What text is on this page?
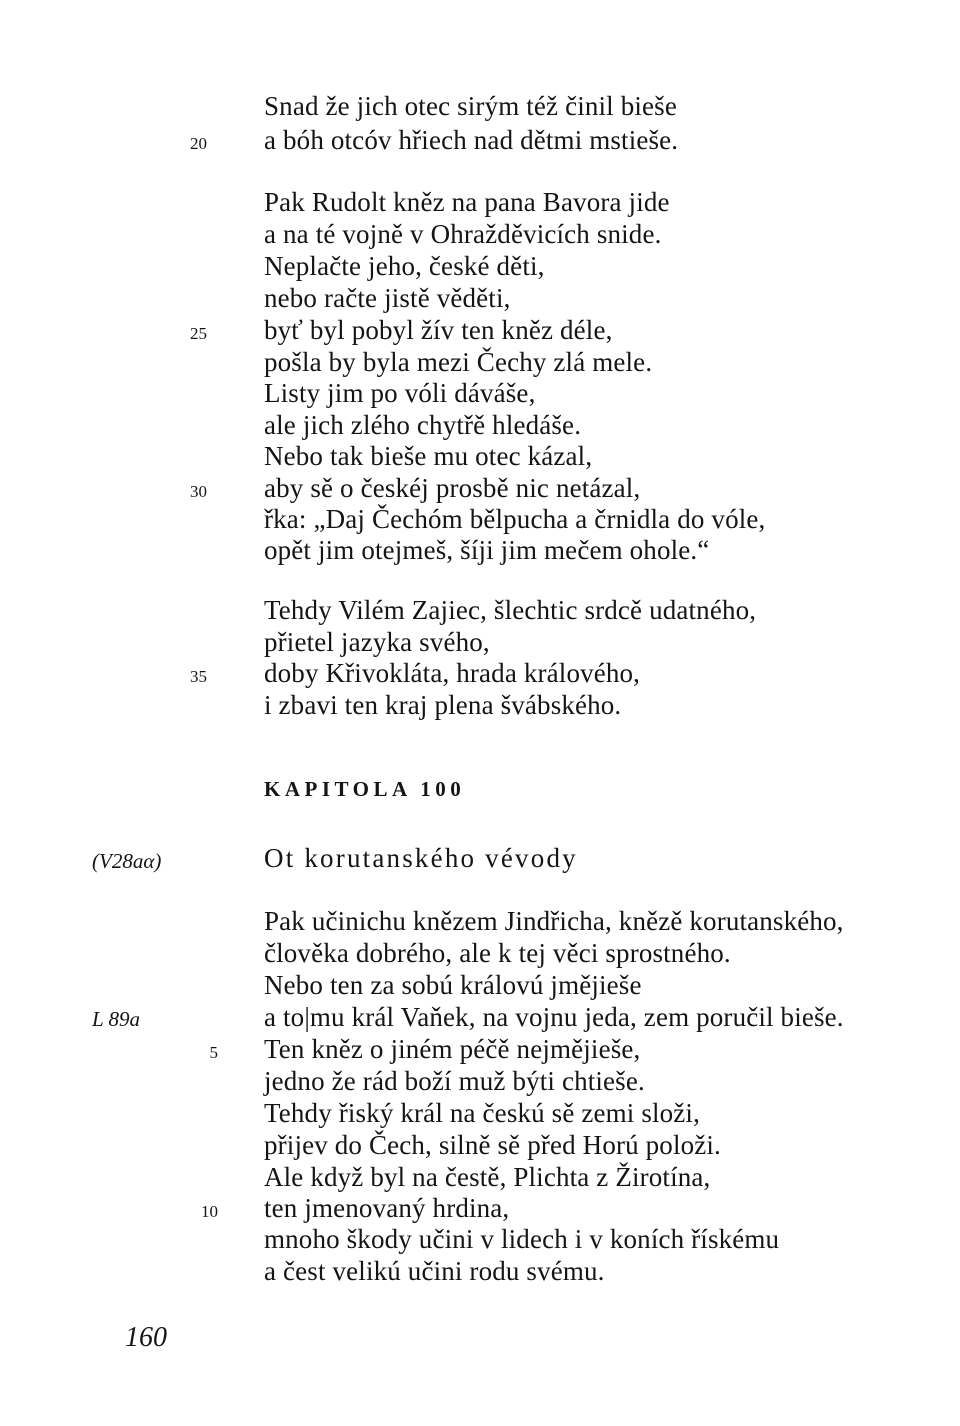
Snad že jich otec sirým též činil bieše
a bóh otcóv hřiech nad dětmi mstieše.
Pak Rudolt kněz na pana Bavora jide
a na té vojně v Ohražděvicích snide.
Neplačte jeho, české děti,
nebo račte jistě věděti,
byť byl pobyl žív ten kněz déle,
pošla by byla mezi Čechy zlá mele.
Listy jim po vóli dáváše,
ale jich zlého chytřě hledáše.
Nebo tak bieše mu otec kázal,
aby sě o českéj prosbě nic netázal,
řka: „Daj Čechóm bělpucha a črnidla do vóle,
opět jim otejmeš, šíji jim mečem ohole.“
Tehdy Vilém Zajiec, šlechtic srdcě udatného,
přietel jazyka svého,
doby Křivokláta, hrada králového,
i zbavi ten kraj plena švábského.
20
25
30
35
KAPITOLA 100
(V28aα)	Ot korutanského vévody
Pak učinichu knězem Jindřicha, knězě korutanského,
člověka dobrého, ale k tej věci sprostného.
Nebo ten za sobú královú jmějieše
a to|mu král Vaňek, na vojnu jeda, zem poručil bieše.
Ten kněz o jiném péčě nejmějieše,
jedno že rád boží muž býti chtieše.
Tehdy řiský král na českú sě zemi složi,
přijev do Čech, silně sě před Horú položi.
Ale když byl na čestě, Plichta z Žirotína,
ten jmenovaný hrdina,
mnoho škody učini v lidech i v koních řískému
a čest velikú učini rodu svému.
L 89a
5
10
160
